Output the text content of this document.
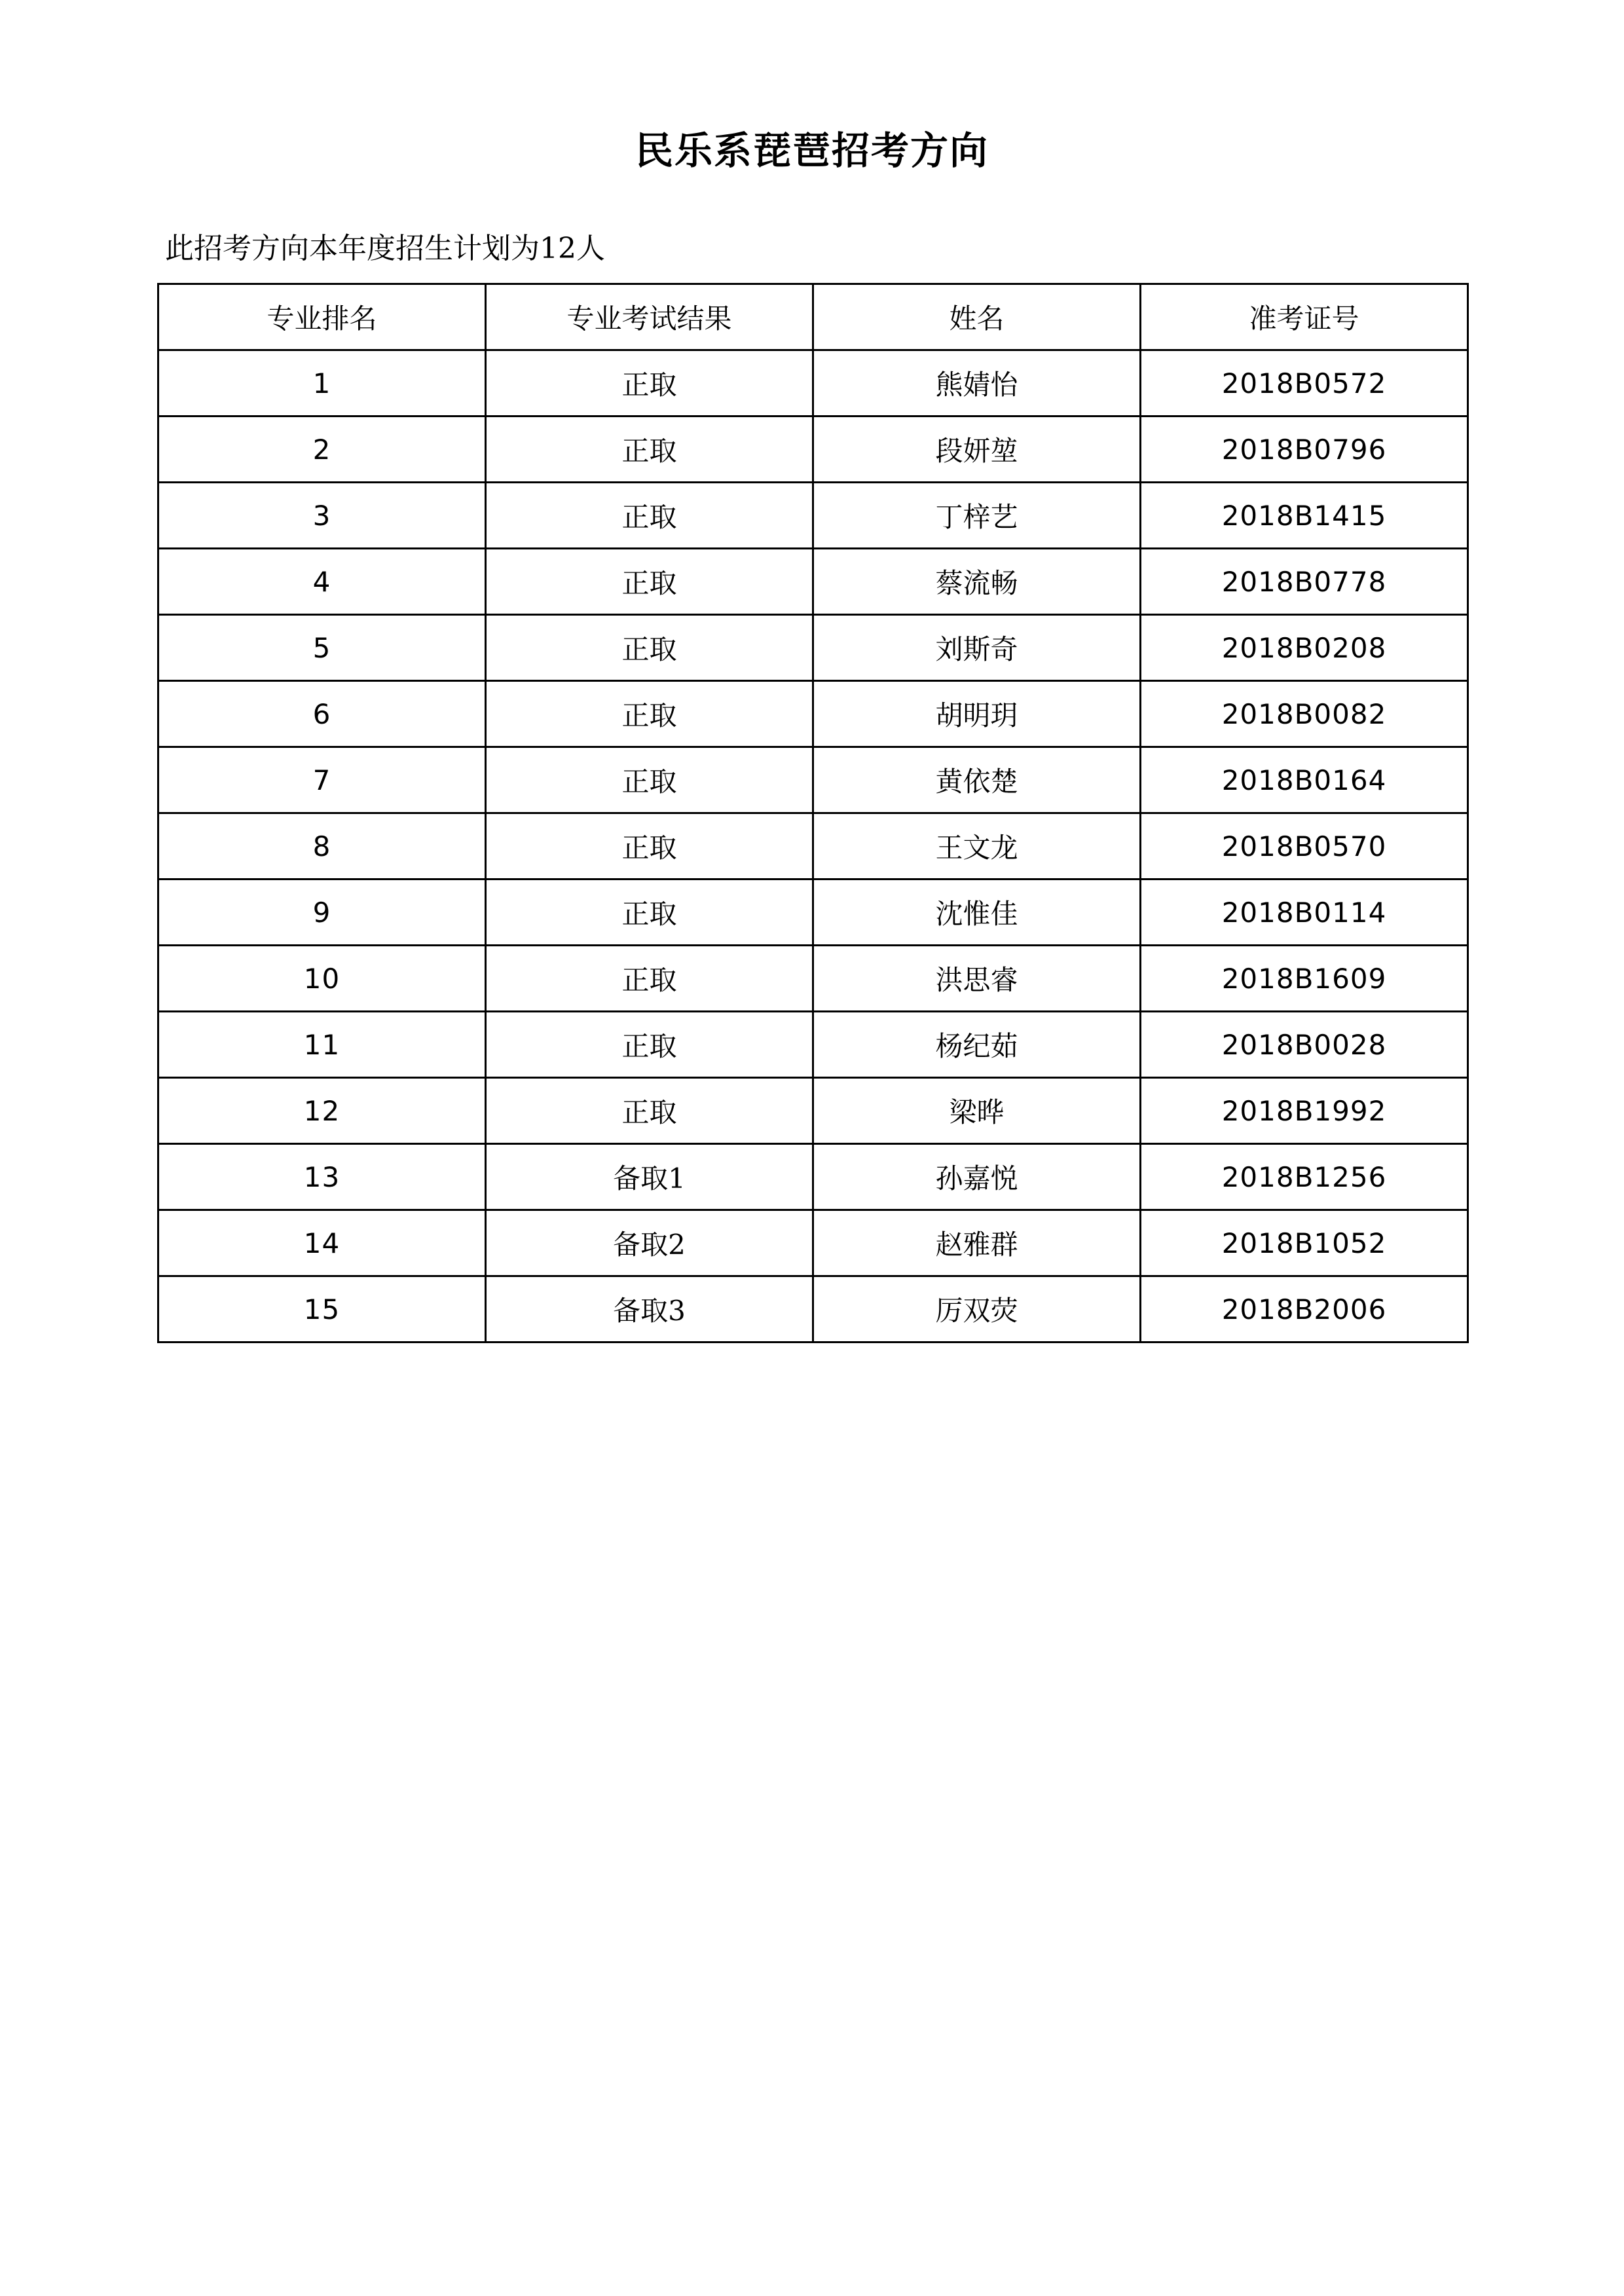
民乐系琵琶招考方向
此招考方向本年度招生计划为12人
专业排名	专业考试结果	姓名	准考证号
1	正取	熊婧怡	2018B0572
2	正取	段妍堃	2018B0796
3	正取	丁梓艺	2018B1415
4	正取	蔡流畅	2018B0778
5	正取	刘斯奇	2018B0208
6	正取	胡明玥	2018B0082
7	正取	黄依楚	2018B0164
8	正取	王文龙	2018B0570
9	正取	沈惟佳	2018B0114
10	正取	洪思睿	2018B1609
11	正取	杨纪茹	2018B0028
12	正取	梁晔	2018B1992
13	备取1	孙嘉悦	2018B1256
14	备取2	赵雅群	2018B1052
15	备取3	厉双荧	2018B2006
